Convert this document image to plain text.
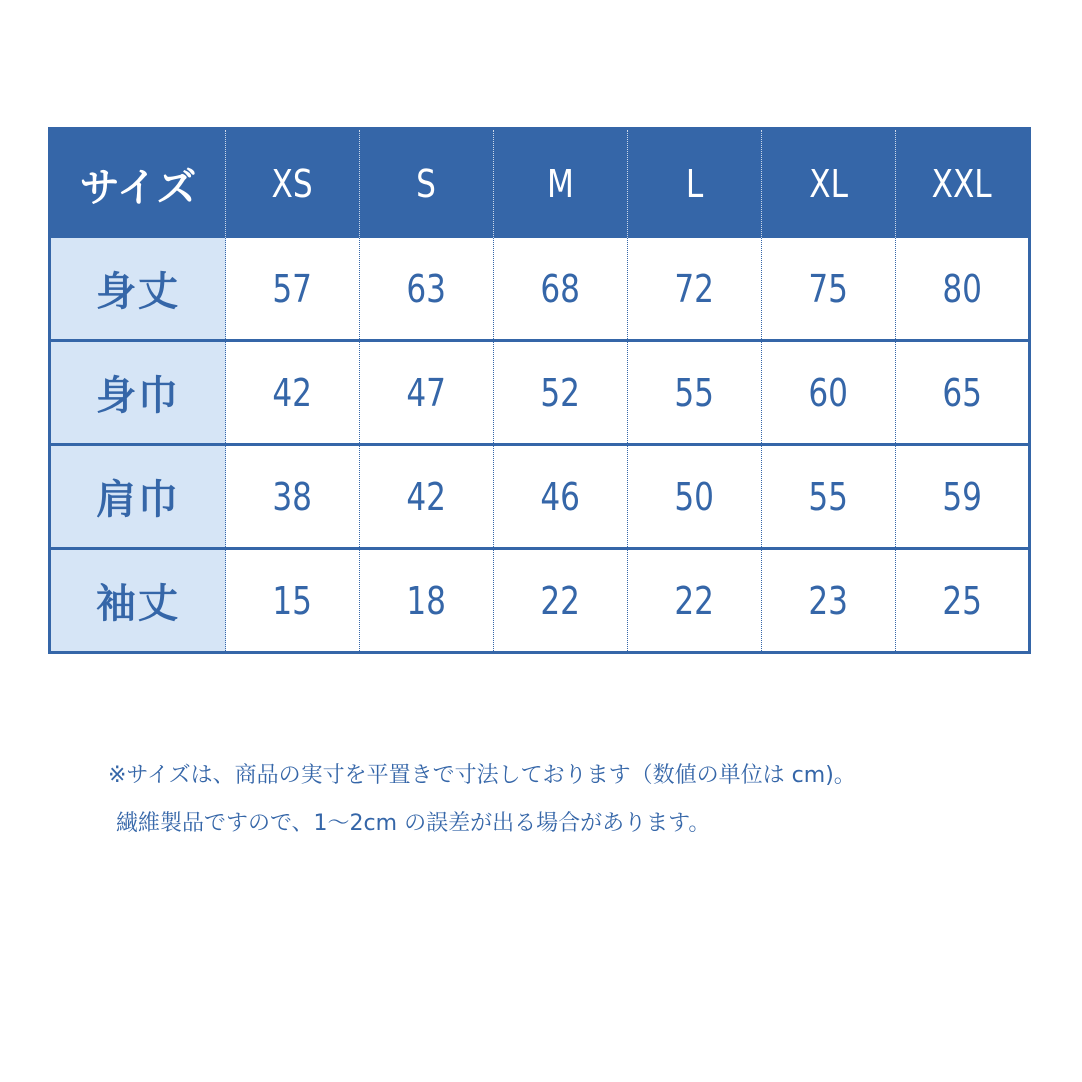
サイズ	XS	S	M	L	XL	XXL
身丈	57	63	68	72	75	80
身巾	42	47	52	55	60	65
肩巾	38	42	46	50	55	59
袖丈	15	18	22	22	23	25

※サイズは、商品の実寸を平置きで寸法しております（数値の単位は cm)。

繊維製品ですので、1～2cm の誤差が出る場合があります。
